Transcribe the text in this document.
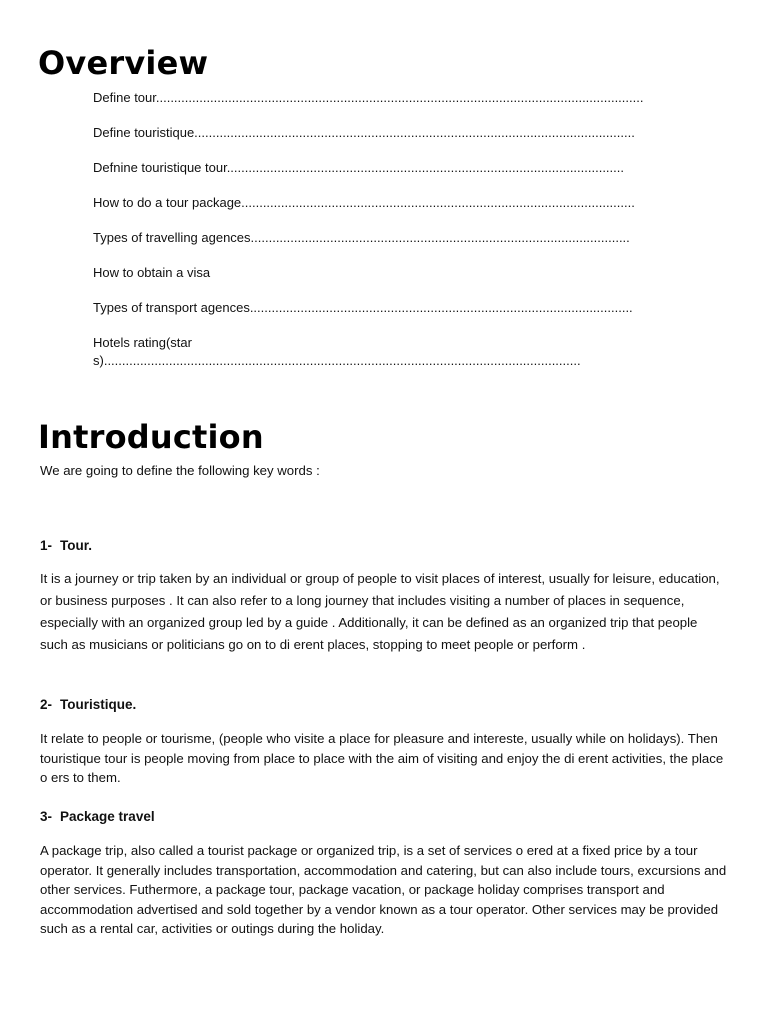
Overview
Define tour.......................................................................................................................................
Define touristique..........................................................................................................................
Defnine touristique tour..............................................................................................................
How to do a tour package.............................................................................................................
Types of travelling agences.........................................................................................................
How to obtain a visa
Types of transport agences..........................................................................................................
Hotels rating(stars)....................................................................................................................................
Introduction

We are going to define the following key words :

1- Tour.

It is a journey or trip taken by an individual or group of people to visit places of interest, usually for leisure, education, or business purposes . It can also refer to a long journey that includes visiting a number of places in sequence, especially with an organized group led by a guide . Additionally, it can be defined as an organized trip that people such as musicians or politicians go on to di erent places, stopping to meet people or perform .

2- Touristique.

It relate to people or tourisme, (people who visite a place for pleasure and intereste, usually while on holidays). Then touristique tour is people moving from place to place with the aim of visiting and enjoy the di erent activities, the place o ers to them.

3- Package travel

A package trip, also called a tourist package or organized trip, is a set of services o ered at a fixed price by a tour operator. It generally includes transportation, accommodation and catering, but can also include tours, excursions and other services. Futhermore, a package tour, package vacation, or package holiday comprises transport and accommodation advertised and sold together by a vendor known as a tour operator. Other services may be provided such as a rental car, activities or outings during the holiday.
